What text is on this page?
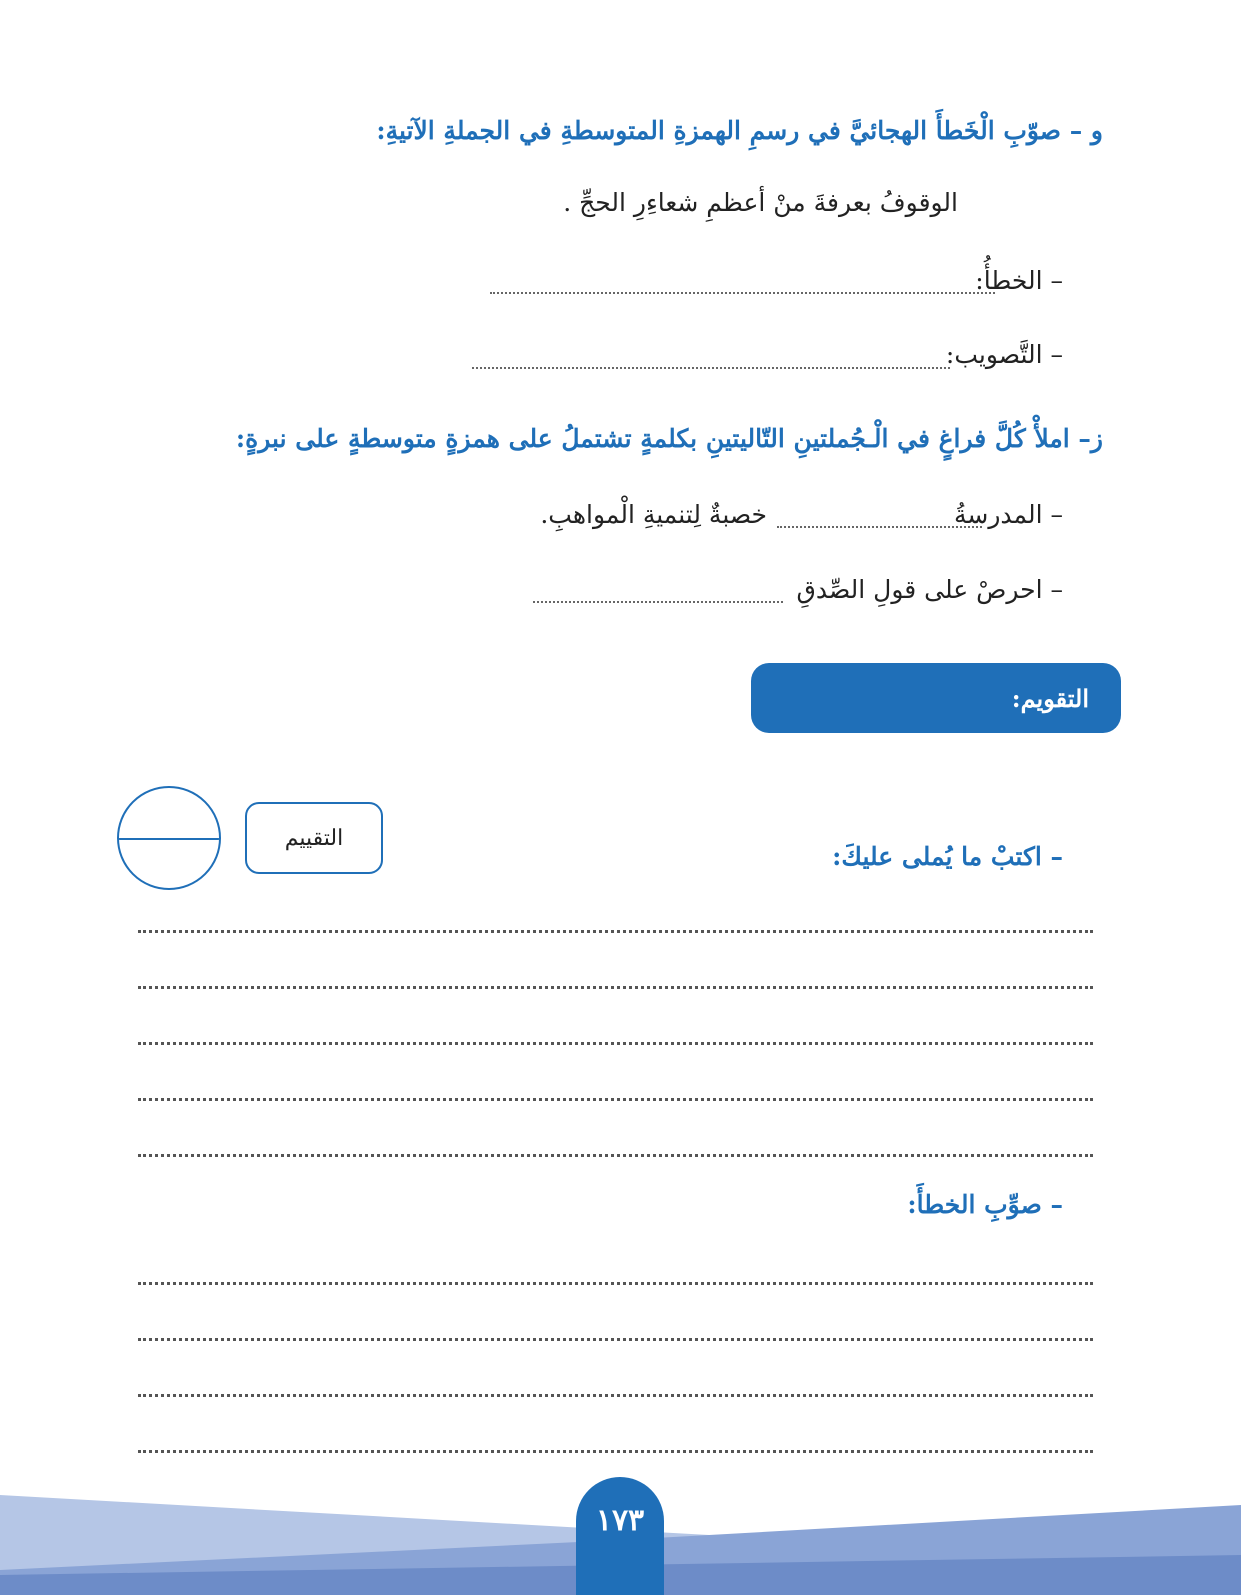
و – صوّبِ الْخَطأَ الهجائيَّ في رسمِ الهمزةِ المتوسطةِ في الجملةِ الآتيةِ:
الوقوفُ بعرفةَ منْ أعظمِ شعاءِرِ الحجِّ .
– الخطأُ:
– التَّصويب:
ز– املأْ كُلَّ فراغٍ في الْـجُملتينِ التّاليتينِ بكلمةٍ تشتملُ على همزةٍ متوسطةٍ على نبرةٍ:
– المدرسةُ
خصبةٌ لِتنميةِ الْمواهبِ.
– احرصْ على قولِ الصِّدقِ
التقويم:
التقييم
– اكتبْ ما يُملى عليكَ:
– صوِّبِ الخطأَ:
١٧٣
